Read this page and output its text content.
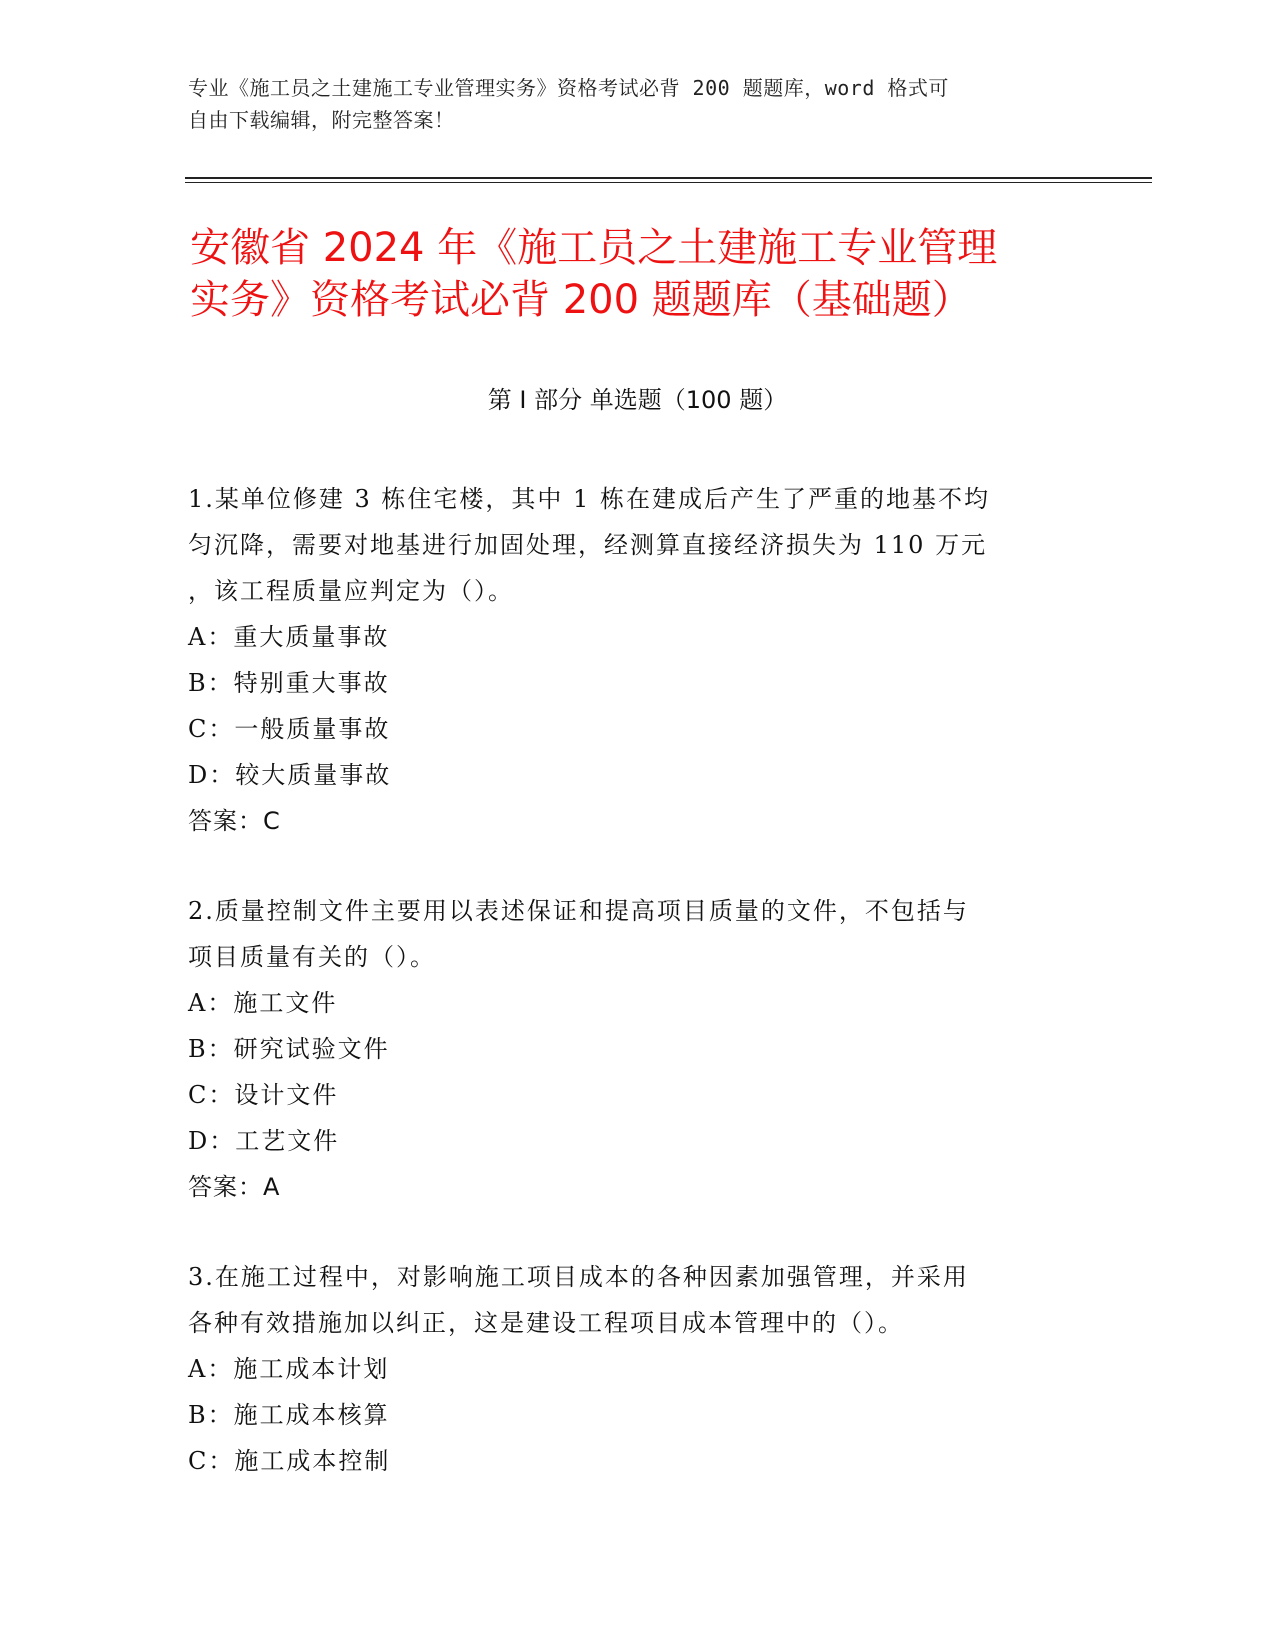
专业《施工员之土建施工专业管理实务》资格考试必背 200 题题库，word 格式可
自由下载编辑，附完整答案！
安徽省 2024 年《施工员之土建施工专业管理
实务》资格考试必背 200 题题库（基础题）
第 I 部分 单选题（100 题）
1.某单位修建 3 栋住宅楼，其中 1 栋在建成后产生了严重的地基不均
匀沉降，需要对地基进行加固处理，经测算直接经济损失为 110 万元
，该工程质量应判定为（）。
A：重大质量事故
B：特别重大事故
C：一般质量事故
D：较大质量事故
答案：C
2.质量控制文件主要用以表述保证和提高项目质量的文件，不包括与
项目质量有关的（）。
A：施工文件
B：研究试验文件
C：设计文件
D：工艺文件
答案：A
3.在施工过程中，对影响施工项目成本的各种因素加强管理，并采用
各种有效措施加以纠正，这是建设工程项目成本管理中的（）。
A：施工成本计划
B：施工成本核算
C：施工成本控制
